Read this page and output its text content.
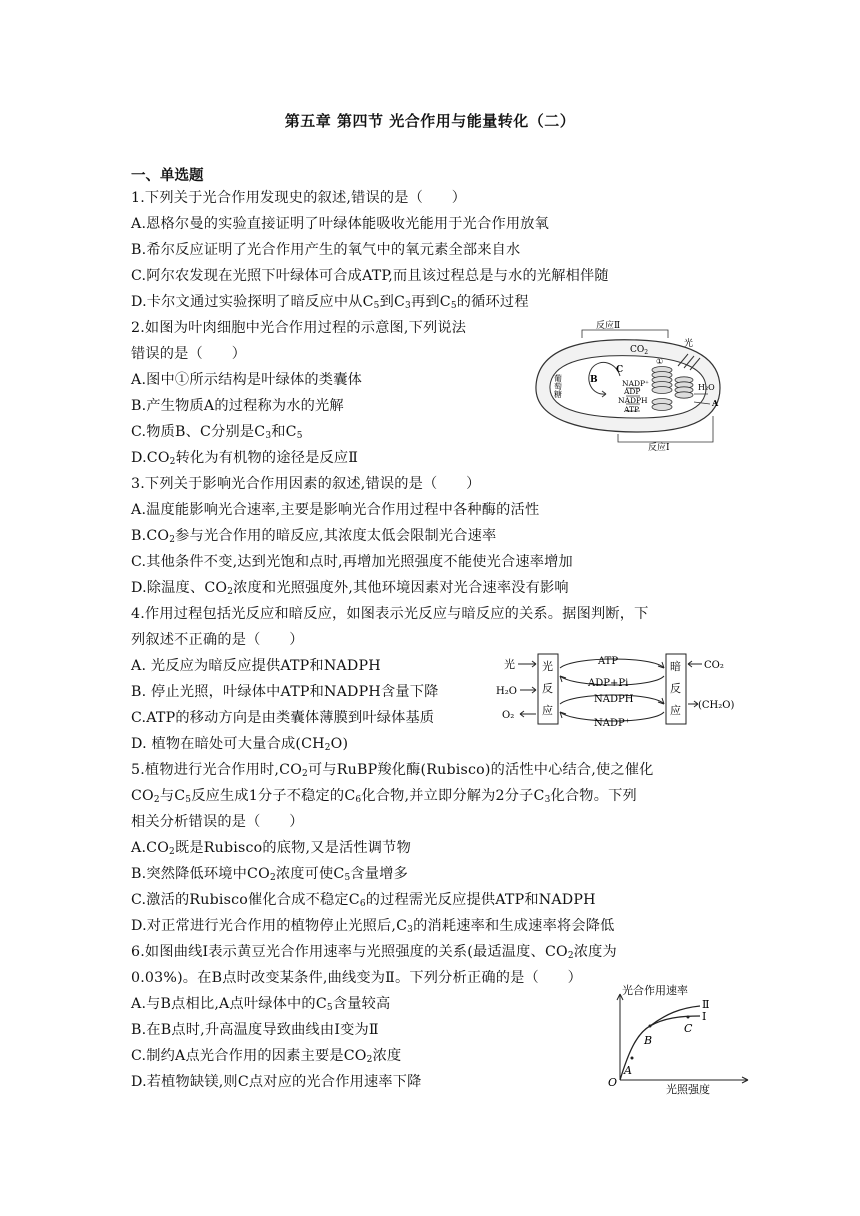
第五章 第四节 光合作用与能量转化（二）
一、单选题
1.下列关于光合作用发现史的叙述,错误的是（　　）
A.恩格尔曼的实验直接证明了叶绿体能吸收光能用于光合作用放氧
B.希尔反应证明了光合作用产生的氧气中的氧元素全部来自水
C.阿尔农发现在光照下叶绿体可合成ATP,而且该过程总是与水的光解相伴随
D.卡尔文通过实验探明了暗反应中从$C_5$到$C_3$再到$C_5$的循环过程
2.如图为叶肉细胞中光合作用过程的示意图,下列说法
错误的是（　　）
A.图中①所示结构是叶绿体的类囊体
B.产生物质A的过程称为水的光解
C.物质B、C分别是$C_3$和$C_5$
$D.CO_2$转化为有机物的途径是反应Ⅱ
反应Ⅱ
反应Ⅰ
$CO_2$
光
C
B
①
葡萄糖	NADP⁺
ADP
NADPH
ATP
H₂O
A
3.下列关于影响光合作用因素的叙述,错误的是（　　）
A.温度能影响光合速率,主要是影响光合作用过程中各种酶的活性
$B.CO_2$参与光合作用的暗反应,其浓度太低会限制光合速率
C.其他条件不变,达到光饱和点时,再增加光照强度不能使光合速率增加
D.除温度、$CO_2$浓度和光照强度外,其他环境因素对光合速率没有影响
4.作用过程包括光反应和暗反应，如图表示光反应与暗反应的关系。据图判断，下
列叙述不正确的是（　　）
A. 光反应为暗反应提供ATP和NADPH
B. 停止光照，叶绿体中ATP和NADPH含量下降
C.ATP的移动方向是由类囊体薄膜到叶绿体基质
D. 植物在暗处可大量合成$(CH_2O)$
光
反
应
暗
反
应
光
H₂O
O₂
CO₂
(CH₂O)
ATP
ADP+Pi
NADPH
NADP⁺
5.植物进行光合作用时$,CO_2$可与RuBP羧化酶(Rubisco)的活性中心结合,使之催化
$CO_2$与$C_5$反应生成1分子不稳定的$C_6$化合物,并立即分解为2分子$C_3$化合物。下列
相关分析错误的是（　　）
$A.CO_2$既是Rubisco的底物,又是活性调节物
B.突然降低环境中$CO_2$浓度可使$C_5$含量增多
C.激活的Rubisco催化合成不稳定$C_6$的过程需光反应提供ATP和NADPH
D.对正常进行光合作用的植物停止光照后$,C_3$的消耗速率和生成速率将会降低
6.如图曲线Ⅰ表示黄豆光合作用速率与光照强度的关系(最适温度、$CO_2$浓度为
0.03%)。在B点时改变某条件,曲线变为Ⅱ。下列分析正确的是（　　）
A.与B点相比,A点叶绿体中的$C_5$含量较高
B.在B点时,升高温度导致曲线由Ⅰ变为Ⅱ
C.制约A点光合作用的因素主要是$CO_2$浓度
D.若植物缺镁,则C点对应的光合作用速率下降
光合作用速率
光照强度
O
A
B
C
Ⅰ
Ⅱ
